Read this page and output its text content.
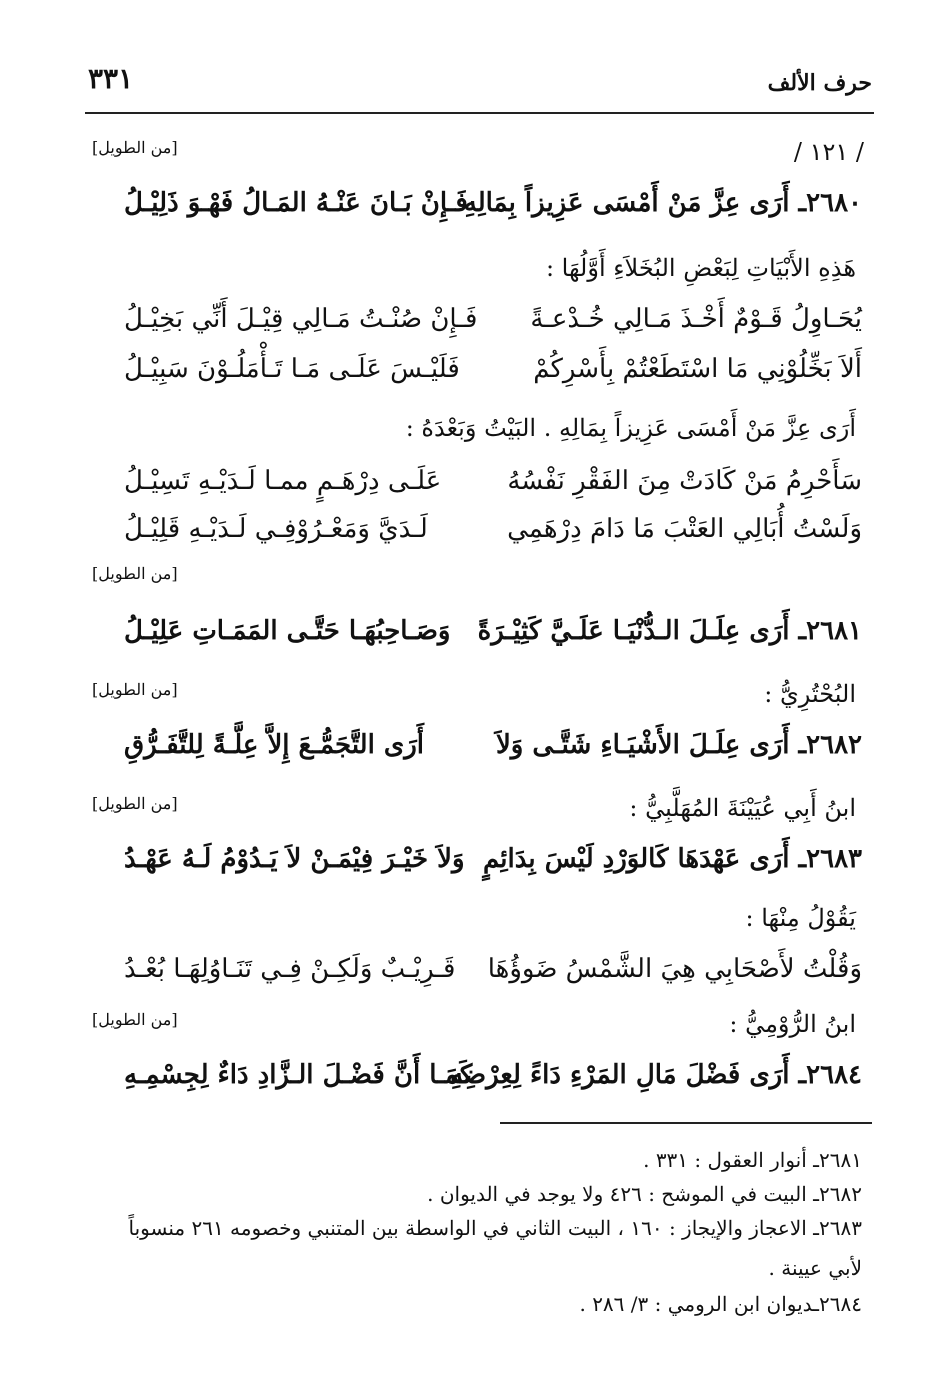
حرف الألف
٣٣١
/ ١٢١ /
[من الطويل]
٢٦٨٠ـ أَرَى عِزَّ مَنْ أَمْسَى عَزِيزاً بِمَالِهِ
فَـإِنْ بَـانَ عَنْـهُ المَـالُ فَهْـوَ ذَلِيْـلُ
هَذِهِ الأَبْيَاتِ لِبَعْضِ البُخَلاَءِ أَوَّلُهَا :
يُحَـاوِلُ قَـوْمٌ أَخْـذَ مَـالِي خُـدْعـةً
فَـإِنْ صُنْـتُ مَـالِي قِيْـلَ أَنِّي بَخِيْـلُ
أَلاَ بَخِّلُوْنِي مَا اسْتَطَعْتُمْ بِأَسْرِكُمْ
فَلَيْـسَ عَلَـى مَـا تَـأْمَلُـوْنَ سَبِيْـلُ
أَرَى عِزَّ مَنْ أَمْسَى عَزِيزاً بِمَالِهِ . البَيْتُ وَبَعْدَهُ :
سَأَحْرِمُ مَنْ كَادَتْ مِنَ الفَقْرِ نَفْسُهُ
عَلَـى دِرْهَـمٍ ممـا لَـدَيْـهِ تَسِيْـلُ
وَلَسْتُ أُبَالِي العَتْبَ مَا دَامَ دِرْهَمِي
لَـدَيَّ وَمَعْـرُوْفِـي لَـدَيْـهِ قَلِيْـلُ
[من الطويل]
٢٦٨١ـ أَرَى عِلَـلَ الـدُّنْيَـا عَلَـيَّ كَثِيْـرَةً
وَصَـاحِبُهَـا حَتَّـى المَمَـاتِ عَلِيْـلُ
[من الطويل]	البُحْتُرِيُّ :
٢٦٨٢ـ أَرَى عِلَـلَ الأَشْيَـاءِ شَتَّـى وَلاَ
أَرَى التَّجَمُّـعَ إِلاَّ عِلَّـةً لِلتَّفَـرُّقِ
[من الطويل]	ابنُ أَبِي عُيَيْنَةَ المُهَلَّبِيُّ :
٢٦٨٣ـ أَرَى عَهْدَهَا كَالوَرْدِ لَيْسَ بِدَائِمٍ
وَلاَ خَيْـرَ فِيْمَـنْ لاَ يَـدُوْمُ لَـهُ عَهْـدُ
يَقُوْلُ مِنْهَا :
وَقُلْتُ لأَصْحَابِي هِيَ الشَّمْسُ ضَوؤُهَا
قَـرِيْـبٌ وَلَكِـنْ فِـي تَنَـاوُلِهَـا بُعْـدُ
[من الطويل]	ابنُ الرُّوْمِيُّ :
٢٦٨٤ـ أَرَى فَضْلَ مَالِ المَرْءِ دَاءً لِعِرْضِهِ
كَمَـا أَنَّ فَضْـلَ الـزَّادِ دَاءٌ لِجِسْمِـهِ
٢٦٨١ـ أنوار العقول : ٣٣١ .
٢٦٨٢ـ البيت في الموشح : ٤٢٦ ولا يوجد في الديوان .
٢٦٨٣ـ الاعجاز والإيجاز : ١٦٠ ، البيت الثاني في الواسطة بين المتنبي وخصومه ٢٦١ منسوباً
لأبي عيينة .
٢٦٨٤ـديوان ابن الرومي : ٣/ ٢٨٦ .
